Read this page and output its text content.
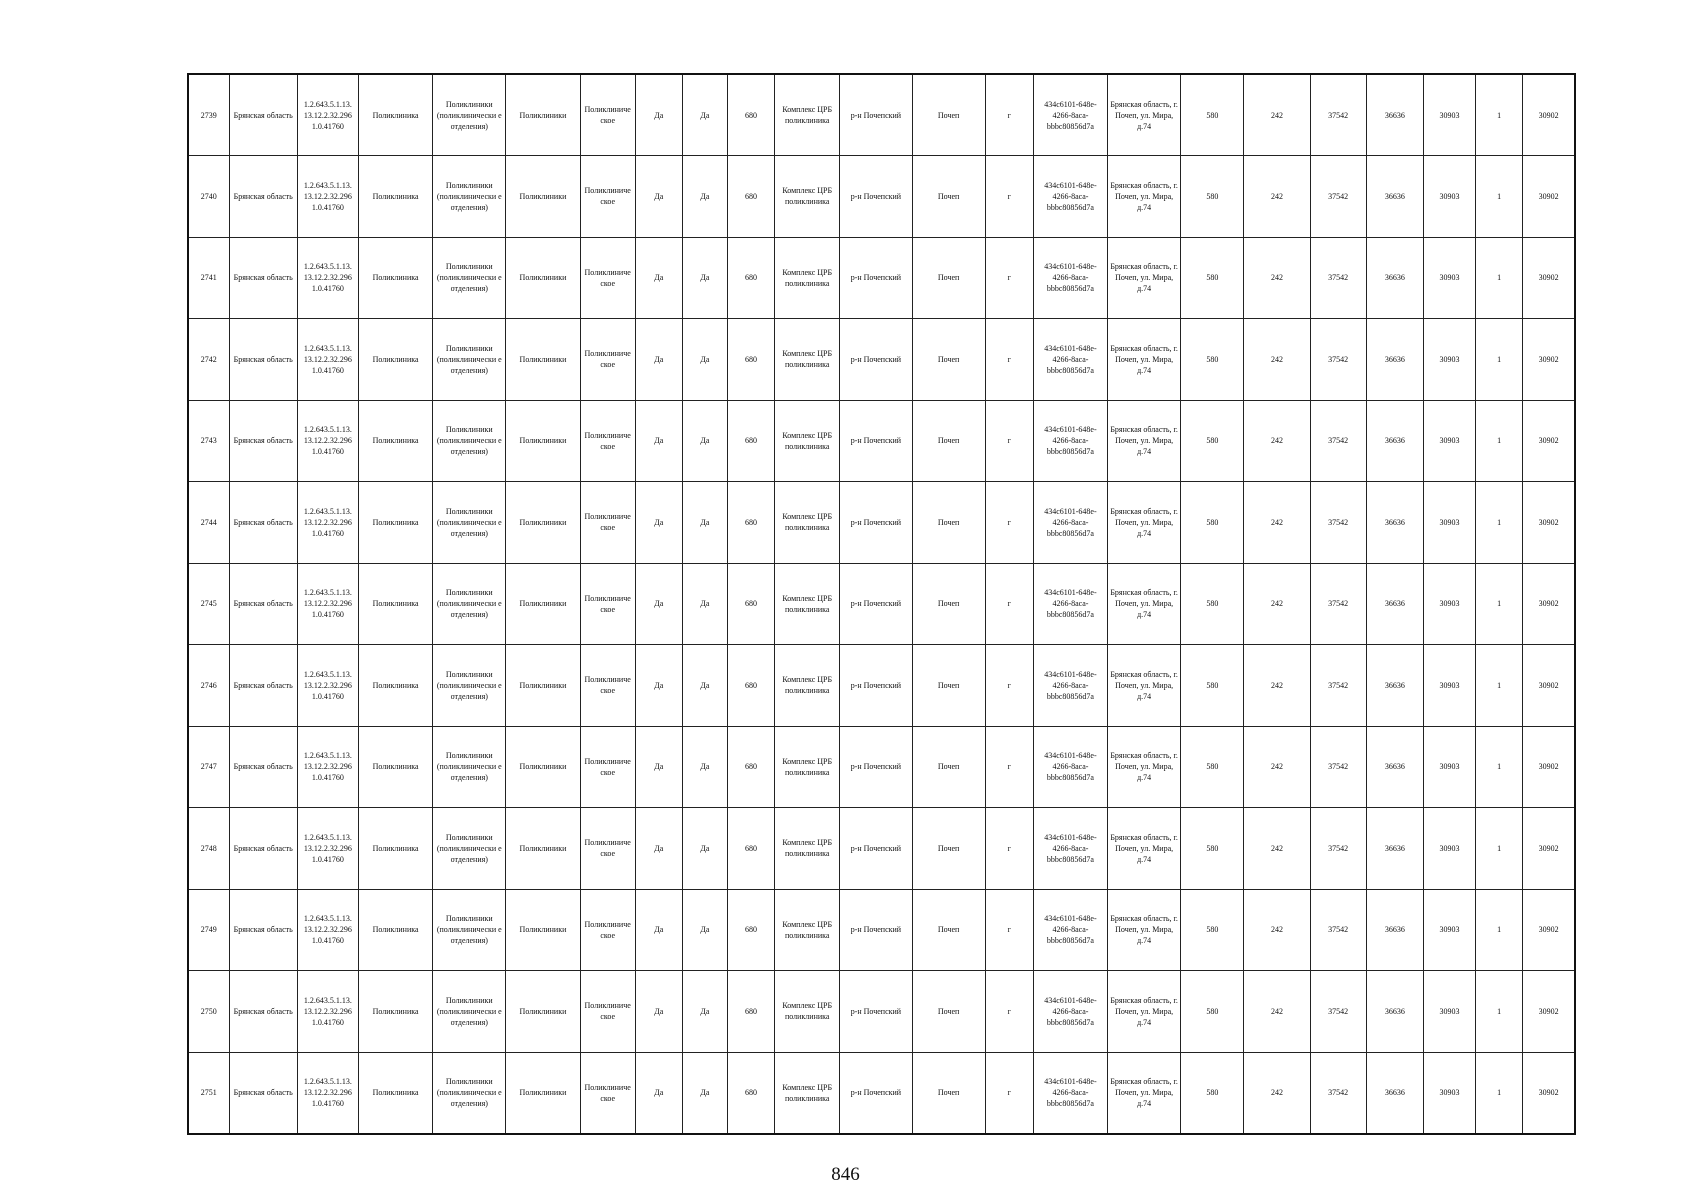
2739	Брянская область	1.2.643.5.1.13. 13.12.2.32.296 1.0.41760	Поликлиника	Поликлиники (поликлинически е отделения)	Поликлиники	Поликлиниче ское	Да	Да	680	Комплекс ЦРБ поликлиника	р-н Почепский	Почеп	г	434c6101-648e- 4266-8aca- bbbc80856d7a	Брянская область, г. Почеп, ул. Мира, д.74	580	242	37542	36636	30903	1	30902
2740	Брянская область	1.2.643.5.1.13. 13.12.2.32.296 1.0.41760	Поликлиника	Поликлиники (поликлинически е отделения)	Поликлиники	Поликлиниче ское	Да	Да	680	Комплекс ЦРБ поликлиника	р-н Почепский	Почеп	г	434c6101-648e- 4266-8aca- bbbc80856d7a	Брянская область, г. Почеп, ул. Мира, д.74	580	242	37542	36636	30903	1	30902
2741	Брянская область	1.2.643.5.1.13. 13.12.2.32.296 1.0.41760	Поликлиника	Поликлиники (поликлинически е отделения)	Поликлиники	Поликлиниче ское	Да	Да	680	Комплекс ЦРБ поликлиника	р-н Почепский	Почеп	г	434c6101-648e- 4266-8aca- bbbc80856d7a	Брянская область, г. Почеп, ул. Мира, д.74	580	242	37542	36636	30903	1	30902
2742	Брянская область	1.2.643.5.1.13. 13.12.2.32.296 1.0.41760	Поликлиника	Поликлиники (поликлинически е отделения)	Поликлиники	Поликлиниче ское	Да	Да	680	Комплекс ЦРБ поликлиника	р-н Почепский	Почеп	г	434c6101-648e- 4266-8aca- bbbc80856d7a	Брянская область, г. Почеп, ул. Мира, д.74	580	242	37542	36636	30903	1	30902
2743	Брянская область	1.2.643.5.1.13. 13.12.2.32.296 1.0.41760	Поликлиника	Поликлиники (поликлинически е отделения)	Поликлиники	Поликлиниче ское	Да	Да	680	Комплекс ЦРБ поликлиника	р-н Почепский	Почеп	г	434c6101-648e- 4266-8aca- bbbc80856d7a	Брянская область, г. Почеп, ул. Мира, д.74	580	242	37542	36636	30903	1	30902
2744	Брянская область	1.2.643.5.1.13. 13.12.2.32.296 1.0.41760	Поликлиника	Поликлиники (поликлинически е отделения)	Поликлиники	Поликлиниче ское	Да	Да	680	Комплекс ЦРБ поликлиника	р-н Почепский	Почеп	г	434c6101-648e- 4266-8aca- bbbc80856d7a	Брянская область, г. Почеп, ул. Мира, д.74	580	242	37542	36636	30903	1	30902
2745	Брянская область	1.2.643.5.1.13. 13.12.2.32.296 1.0.41760	Поликлиника	Поликлиники (поликлинически е отделения)	Поликлиники	Поликлиниче ское	Да	Да	680	Комплекс ЦРБ поликлиника	р-н Почепский	Почеп	г	434c6101-648e- 4266-8aca- bbbc80856d7a	Брянская область, г. Почеп, ул. Мира, д.74	580	242	37542	36636	30903	1	30902
2746	Брянская область	1.2.643.5.1.13. 13.12.2.32.296 1.0.41760	Поликлиника	Поликлиники (поликлинически е отделения)	Поликлиники	Поликлиниче ское	Да	Да	680	Комплекс ЦРБ поликлиника	р-н Почепский	Почеп	г	434c6101-648e- 4266-8aca- bbbc80856d7a	Брянская область, г. Почеп, ул. Мира, д.74	580	242	37542	36636	30903	1	30902
2747	Брянская область	1.2.643.5.1.13. 13.12.2.32.296 1.0.41760	Поликлиника	Поликлиники (поликлинически е отделения)	Поликлиники	Поликлиниче ское	Да	Да	680	Комплекс ЦРБ поликлиника	р-н Почепский	Почеп	г	434c6101-648e- 4266-8aca- bbbc80856d7a	Брянская область, г. Почеп, ул. Мира, д.74	580	242	37542	36636	30903	1	30902
2748	Брянская область	1.2.643.5.1.13. 13.12.2.32.296 1.0.41760	Поликлиника	Поликлиники (поликлинически е отделения)	Поликлиники	Поликлиниче ское	Да	Да	680	Комплекс ЦРБ поликлиника	р-н Почепский	Почеп	г	434c6101-648e- 4266-8aca- bbbc80856d7a	Брянская область, г. Почеп, ул. Мира, д.74	580	242	37542	36636	30903	1	30902
2749	Брянская область	1.2.643.5.1.13. 13.12.2.32.296 1.0.41760	Поликлиника	Поликлиники (поликлинически е отделения)	Поликлиники	Поликлиниче ское	Да	Да	680	Комплекс ЦРБ поликлиника	р-н Почепский	Почеп	г	434c6101-648e- 4266-8aca- bbbc80856d7a	Брянская область, г. Почеп, ул. Мира, д.74	580	242	37542	36636	30903	1	30902
2750	Брянская область	1.2.643.5.1.13. 13.12.2.32.296 1.0.41760	Поликлиника	Поликлиники (поликлинически е отделения)	Поликлиники	Поликлиниче ское	Да	Да	680	Комплекс ЦРБ поликлиника	р-н Почепский	Почеп	г	434c6101-648e- 4266-8aca- bbbc80856d7a	Брянская область, г. Почеп, ул. Мира, д.74	580	242	37542	36636	30903	1	30902
2751	Брянская область	1.2.643.5.1.13. 13.12.2.32.296 1.0.41760	Поликлиника	Поликлиники (поликлинически е отделения)	Поликлиники	Поликлиниче ское	Да	Да	680	Комплекс ЦРБ поликлиника	р-н Почепский	Почеп	г	434c6101-648e- 4266-8aca- bbbc80856d7a	Брянская область, г. Почеп, ул. Мира, д.74	580	242	37542	36636	30903	1	30902
846
